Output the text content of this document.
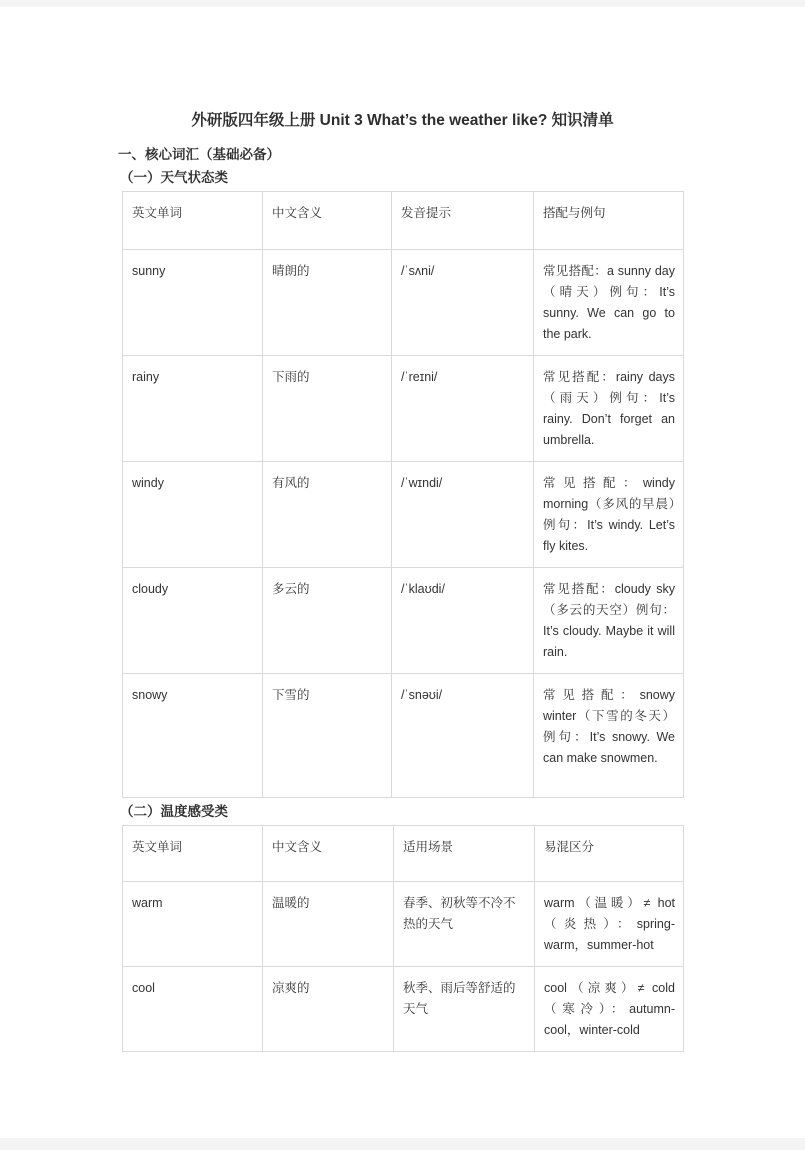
外研版四年级上册 Unit 3 What’s the weather like? 知识清单
一、核心词汇（基础必备）
（一）天气状态类
英文单词	中文含义	发音提示	搭配与例句
sunny	晴朗的	/ˈsʌni/	常见搭配：a sunny day（晴天）例句：It’s sunny. We can go to the park.
rainy	下雨的	/ˈreɪni/	常见搭配：rainy days（雨天）例句：It’s rainy. Don’t forget an umbrella.
windy	有风的	/ˈwɪndi/	常见搭配：windy morning（多风的早晨）例句：It’s windy. Let’s fly kites.
cloudy	多云的	/ˈklaʊdi/	常见搭配：cloudy sky（多云的天空）例句：It’s cloudy. Maybe it will rain.
snowy	下雪的	/ˈsnəʊi/	常见搭配：snowy winter（下雪的冬天）例句：It’s snowy. We can make snowmen.
（二）温度感受类
英文单词	中文含义	适用场景	易混区分
warm	温暖的	春季、初秋等不冷不热的天气	warm（温暖）≠ hot（炎热）：spring-warm，summer-hot
cool	凉爽的	秋季、雨后等舒适的天气	cool（凉爽）≠ cold（寒冷）：autumn-cool，winter-cold
